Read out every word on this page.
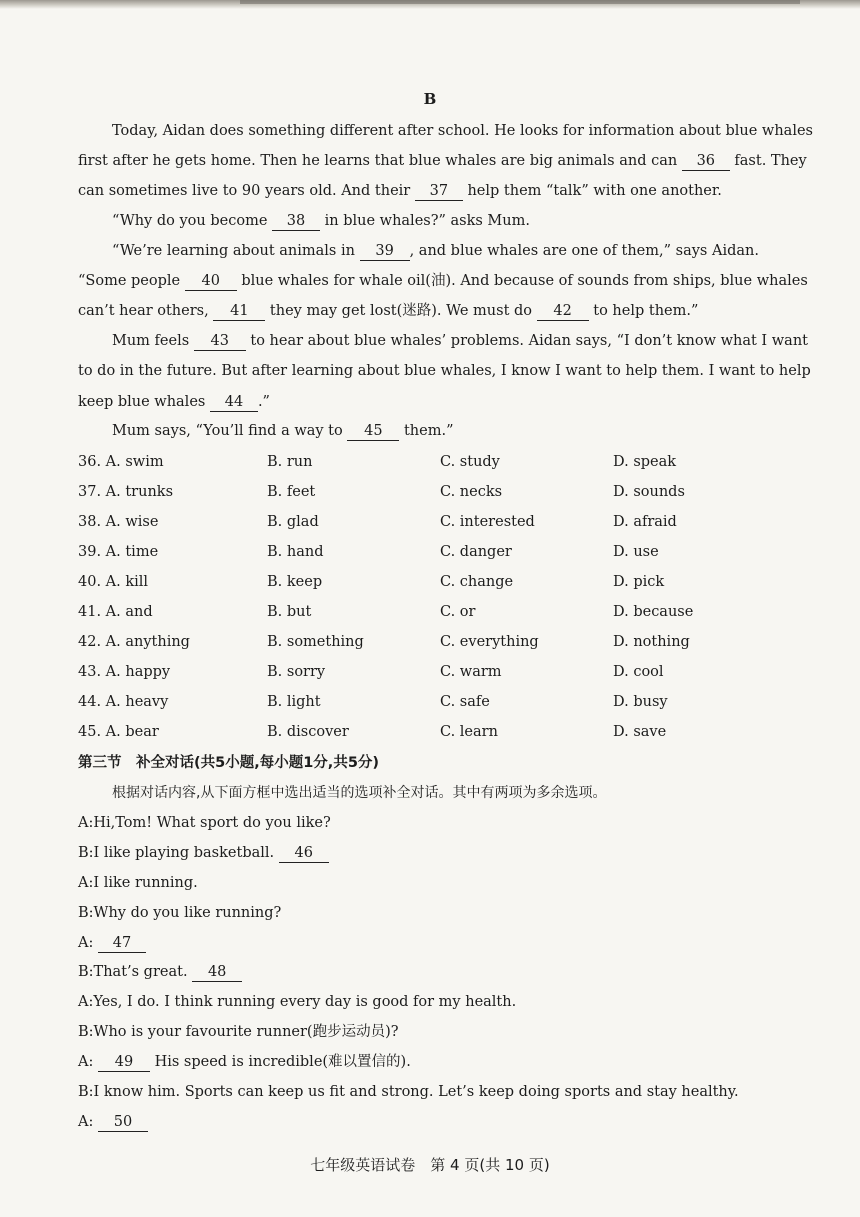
B
Today, Aidan does something different after school. He looks for information about blue whales
first after he gets home. Then he learns that blue whales are big animals and can 36 fast. They
can sometimes live to 90 years old. And their 37 help them “talk” with one another.
“Why do you become 38 in blue whales?” asks Mum.
“We’re learning about animals in 39 , and blue whales are one of them,” says Aidan.
“Some people 40 blue whales for whale oil(油). And because of sounds from ships, blue whales
can’t hear others, 41 they may get lost(迷路). We must do 42 to help them.”
Mum feels 43 to hear about blue whales’ problems. Aidan says, “I don’t know what I want
to do in the future. But after learning about blue whales, I know I want to help them. I want to help
keep blue whales 44 .”
Mum says, “You’ll find a way to 45 them.”
36. A. swim	B. run	C. study	D. speak
37. A. trunks	B. feet	C. necks	D. sounds
38. A. wise	B. glad	C. interested	D. afraid
39. A. time	B. hand	C. danger	D. use
40. A. kill	B. keep	C. change	D. pick
41. A. and	B. but	C. or	D. because
42. A. anything	B. something	C. everything	D. nothing
43. A. happy	B. sorry	C. warm	D. cool
44. A. heavy	B. light	C. safe	D. busy
45. A. bear	B. discover	C. learn	D. save
第三节　补全对话(共5小题,每小题1分,共5分)
根据对话内容,从下面方框中选出适当的选项补全对话。其中有两项为多余选项。
A:Hi,Tom! What sport do you like?
B:I like playing basketball. 46
A:I like running.
B:Why do you like running?
A: 47
B:That’s great. 48
A:Yes, I do. I think running every day is good for my health.
B:Who is your favourite runner(跑步运动员)?
A: 49 His speed is incredible(难以置信的).
B:I know him. Sports can keep us fit and strong. Let’s keep doing sports and stay healthy.
A: 50
七年级英语试卷　第 4 页(共 10 页)
